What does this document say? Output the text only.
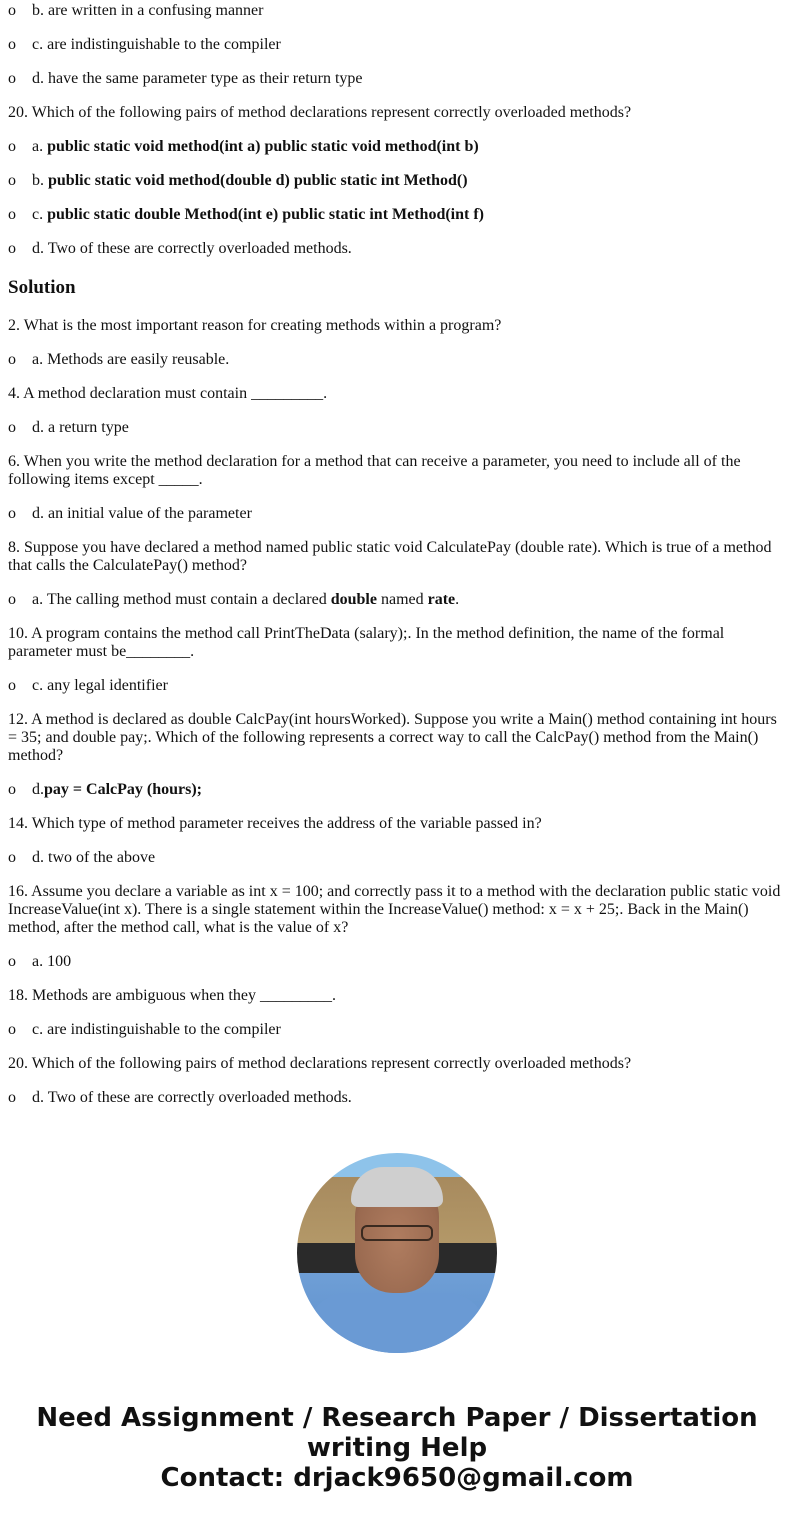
o b. are written in a confusing manner
o c. are indistinguishable to the compiler
o d. have the same parameter type as their return type

20. Which of the following pairs of method declarations represent correctly overloaded methods?

o a. public static void method(int a) public static void method(int b)
o b. public static void method(double d) public static int Method()
o c. public static double Method(int e) public static int Method(int f)
o d. Two of these are correctly overloaded methods.
Solution

2. What is the most important reason for creating methods within a program?

o a. Methods are easily reusable.

4. A method declaration must contain _________.

o d. a return type

6. When you write the method declaration for a method that can receive a parameter, you need to include all of the following items except _____.

o d. an initial value of the parameter

8. Suppose you have declared a method named public static void CalculatePay (double rate). Which is true of a method that calls the CalculatePay() method?

o a. The calling method must contain a declared double named rate.

10. A program contains the method call PrintTheData (salary);. In the method definition, the name of the formal parameter must be________.

o c. any legal identifier

12. A method is declared as double CalcPay(int hoursWorked). Suppose you write a Main() method containing int hours = 35; and double pay;. Which of the following represents a correct way to call the CalcPay() method from the Main() method?

o d.pay = CalcPay (hours);

14. Which type of method parameter receives the address of the variable passed in?

o d. two of the above

16. Assume you declare a variable as int x = 100; and correctly pass it to a method with the declaration public static void IncreaseValue(int x). There is a single statement within the IncreaseValue() method: x = x + 25;. Back in the Main() method, after the method call, what is the value of x?

o a. 100

18. Methods are ambiguous when they _________.

o c. are indistinguishable to the compiler

20. Which of the following pairs of method declarations represent correctly overloaded methods?

o d. Two of these are correctly overloaded methods.
Need Assignment / Research Paper / Dissertation
writing Help
Contact: drjack9650@gmail.com
